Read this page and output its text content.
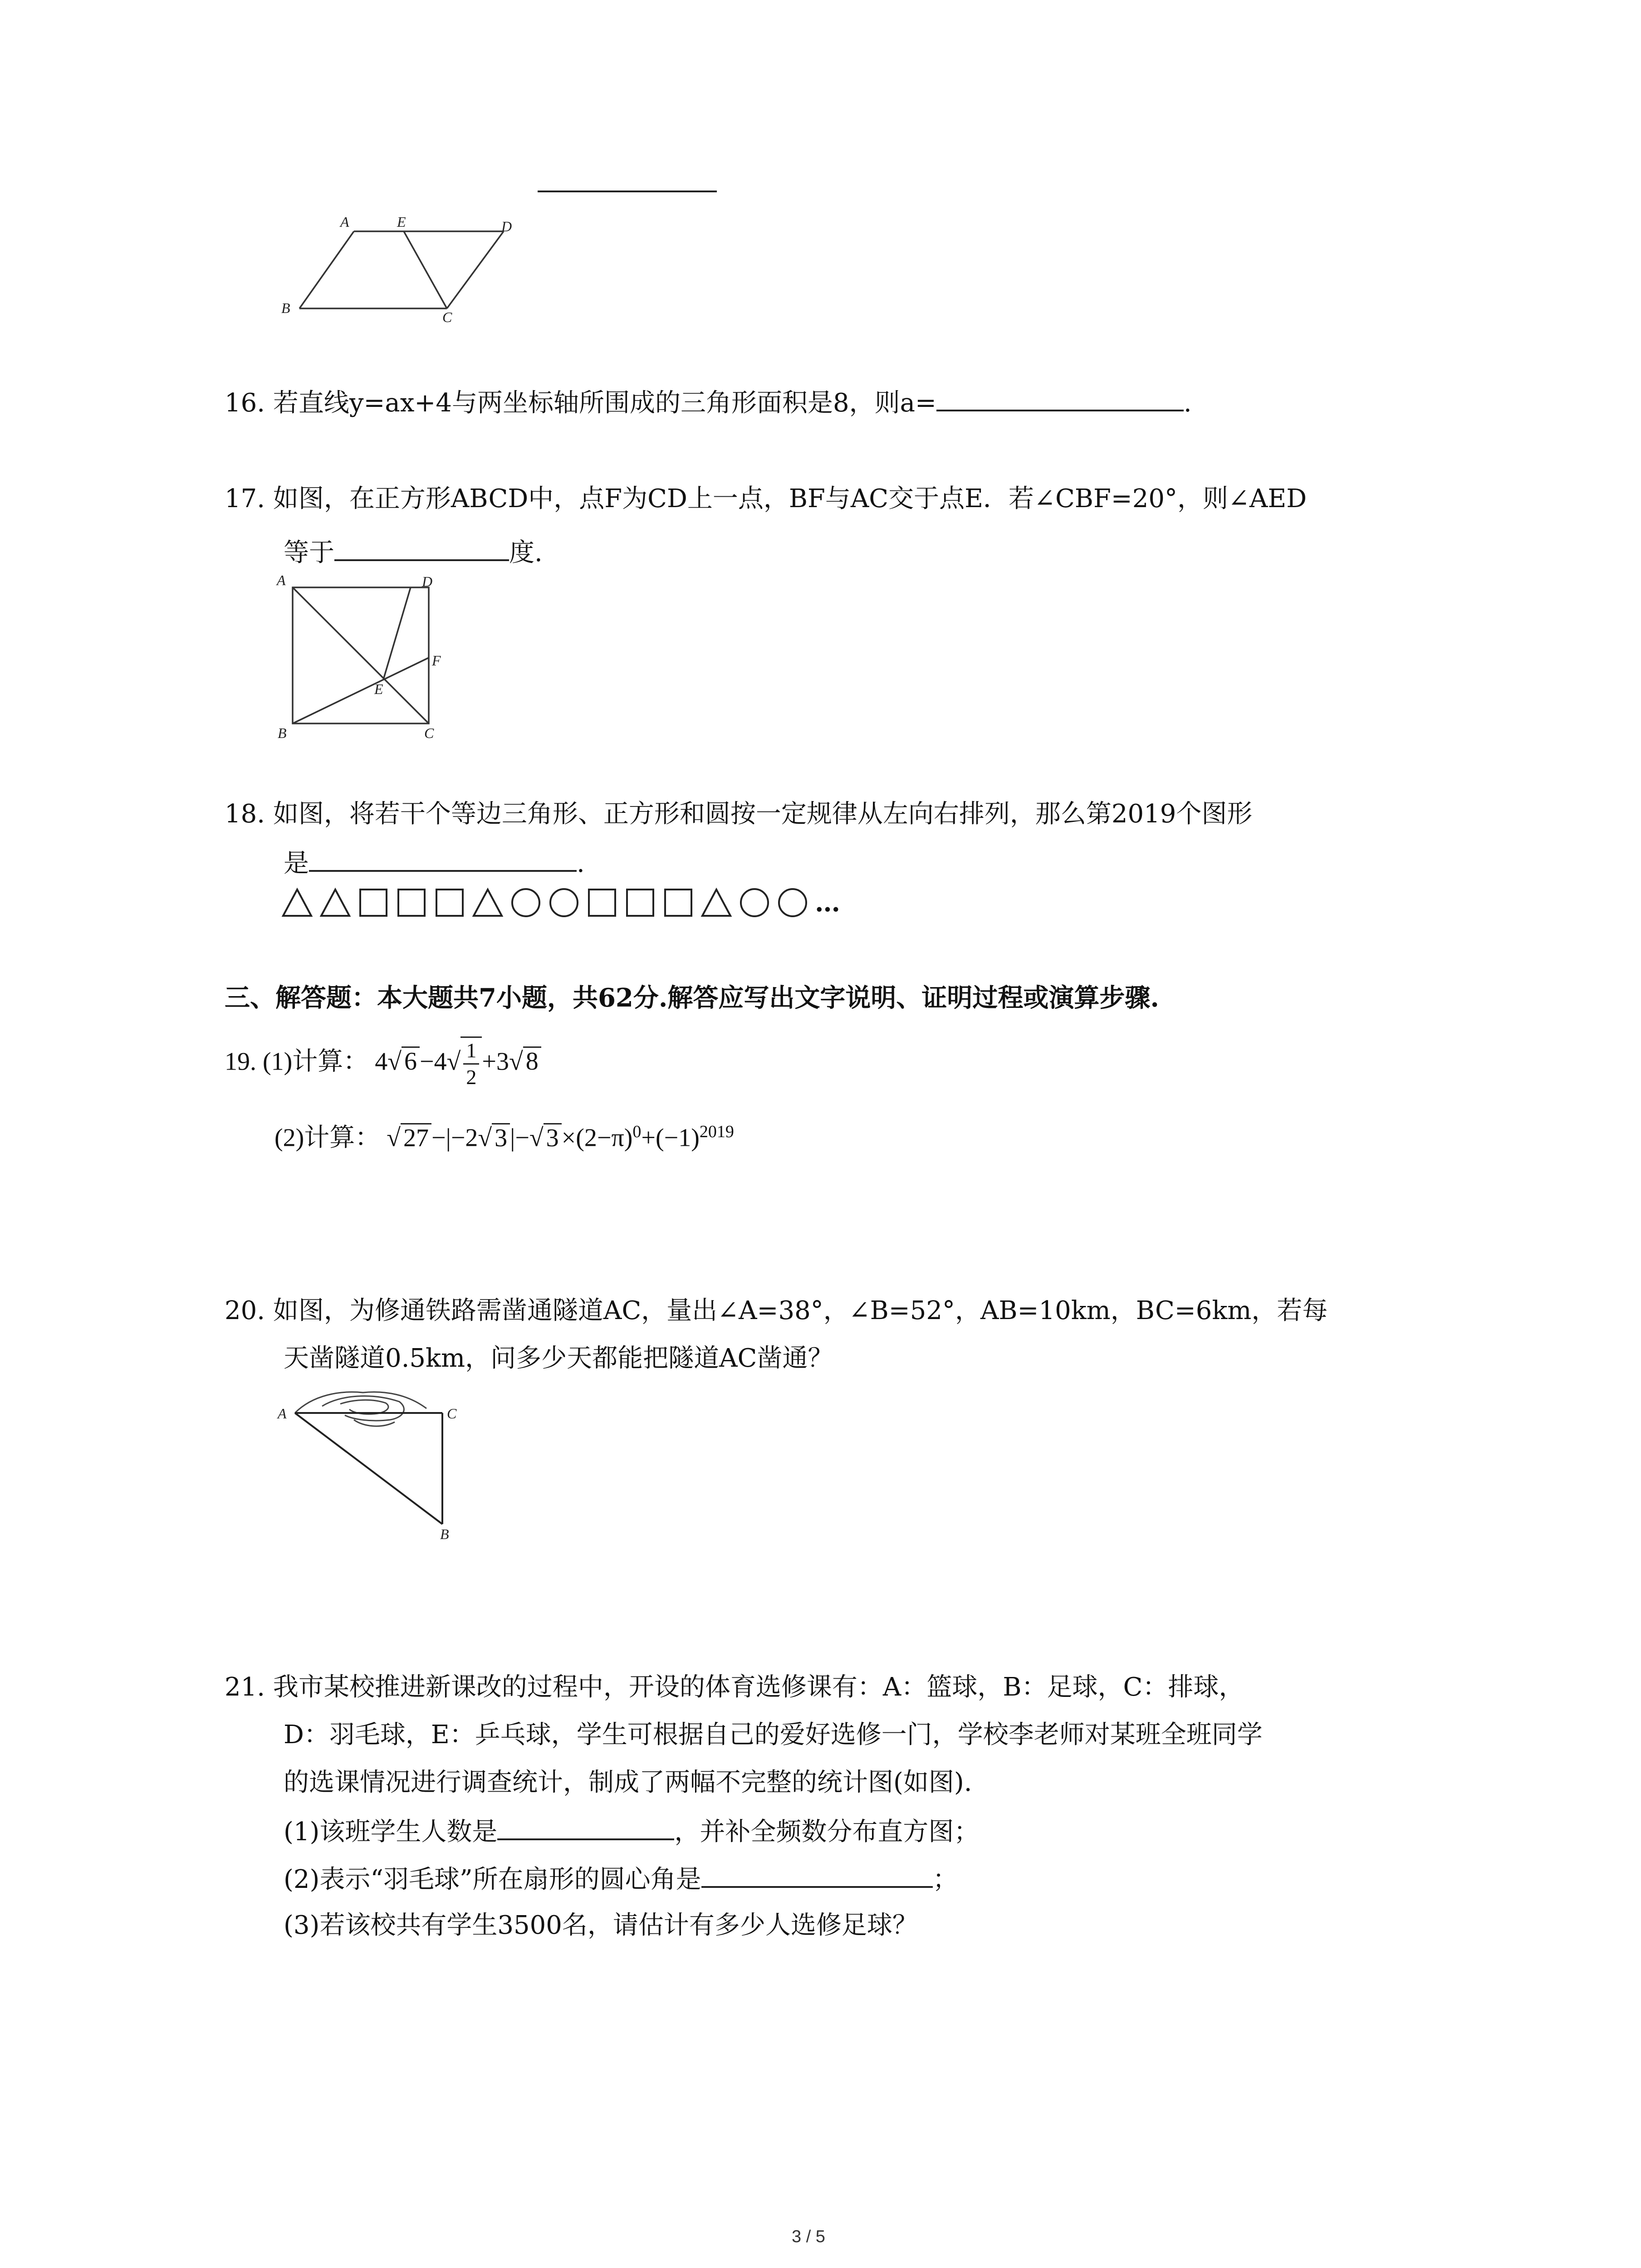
A	E	D
B
C
16. 若直线y=ax+4与两坐标轴所围成的三角形面积是8，则a=	.
17. 如图，在正方形ABCD中，点F为CD上一点，BF与AC交于点E．若∠CBF=20°，则∠AED
等于	度.
A	D
F
E
B	C
18. 如图，将若干个等边三角形、正方形和圆按一定规律从左向右排列，那么第2019个图形
是	.
…
三、解答题：本大题共7小题，共62分.解答应写出文字说明、证明过程或演算步骤.
19. (1)计算： 4√ $6 -4√ \frac{1}{2} +3√$ 8
(2)计算： √ 27 −|−2√ 3 |−√ $3 \times(2-\pi)^0+(-1)^{2019}$
20. 如图，为修通铁路需凿通隧道AC，量出∠A=38°，∠B=52°，AB=10km，BC=6km，若每
天凿隧道0.5km，问多少天都能把隧道AC凿通？
A	C
B
21. 我市某校推进新课改的过程中，开设的体育选修课有：A：篮球，B：足球，C：排球，
D：羽毛球，E：乒乓球，学生可根据自己的爱好选修一门，学校李老师对某班全班同学
的选课情况进行调查统计，制成了两幅不完整的统计图(如图).
(1)该班学生人数是	，并补全频数分布直方图；
(2)表示“羽毛球”所在扇形的圆心角是	；
(3)若该校共有学生3500名，请估计有多少人选修足球？
3 / 5
